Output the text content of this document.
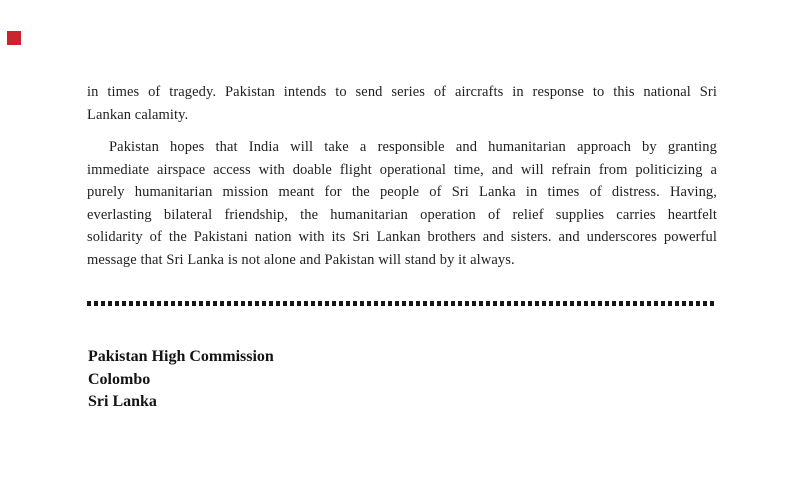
in times of tragedy. Pakistan intends to send series of aircrafts in response to this national Sri
Lankan calamity.

Pakistan hopes that India will take a responsible and humanitarian approach by granting
immediate airspace access with doable flight operational time, and will refrain from politicizing a
purely humanitarian mission meant for the people of Sri Lanka in times of distress. Having,
everlasting bilateral friendship, the humanitarian operation of relief supplies carries heartfelt
solidarity of the Pakistani nation with its Sri Lankan brothers and sisters. and underscores powerful
message that Sri Lanka is not alone and Pakistan will stand by it always.

Pakistan High Commission
Colombo
Sri Lanka
